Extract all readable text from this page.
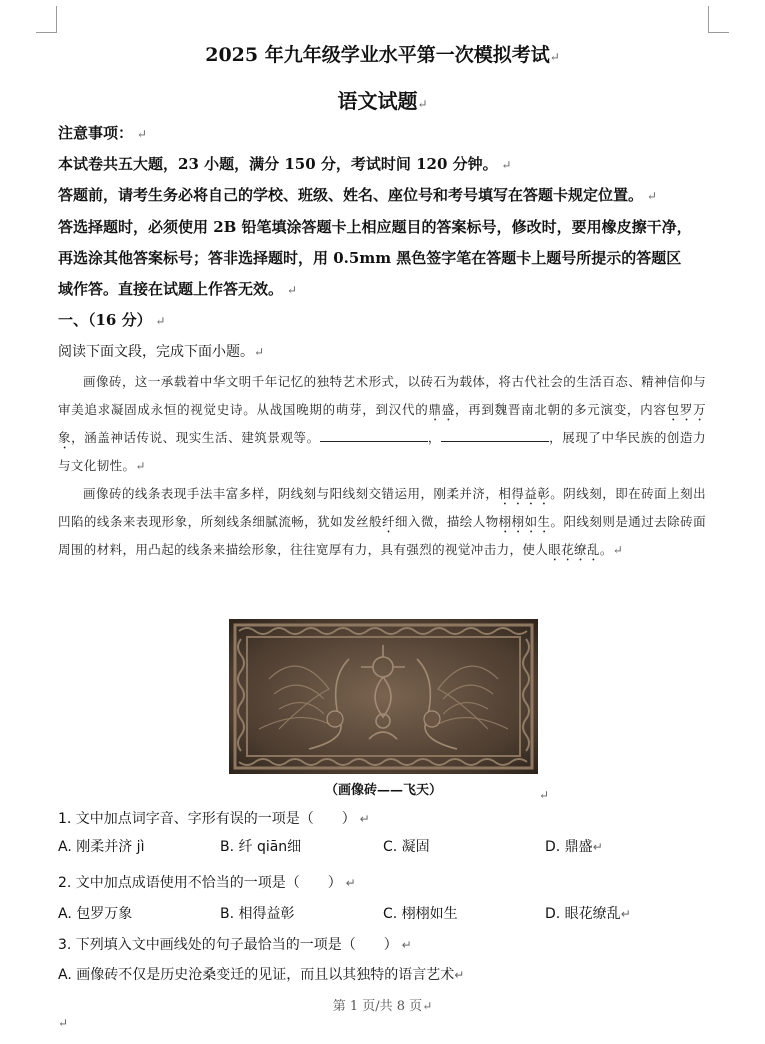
2025 年九年级学业水平第一次模拟考试↵
语文试题↵
注意事项： ↵
本试卷共五大题，23 小题，满分 150 分，考试时间 120 分钟。 ↵
答题前，请考生务必将自己的学校、班级、姓名、座位号和考号填写在答题卡规定位置。 ↵
答选择题时，必须使用 2B 铅笔填涂答题卡上相应题目的答案标号，修改时，要用橡皮擦干净，
再选涂其他答案标号；答非选择题时，用 0.5mm 黑色签字笔在答题卡上题号所提示的答题区
域作答。直接在试题上作答无效。 ↵
一、（16 分） ↵
阅读下面文段，完成下面小题。↵

画像砖，这一承载着中华文明千年记忆的独特艺术形式，以砖石为载体，将古代社会的生活百态、精神信仰与审美追求凝固成永恒的视觉史诗。从战国晚期的萌芽，到汉代的鼎盛，再到魏晋南北朝的多元演变，内容包罗万象，涵盖神话传说、现实生活、建筑景观等。	，	，展现了中华民族的创造力与文化韧性。↵

画像砖的线条表现手法丰富多样，阴线刻与阳线刻交错运用，刚柔并济，相得益彰。阴线刻，即在砖面上刻出凹陷的线条来表现形象，所刻线条细腻流畅，犹如发丝般纤细入微，描绘人物栩栩如生。阳线刻则是通过去除砖面周围的材料，用凸起的线条来描绘形象，往往宽厚有力，具有强烈的视觉冲击力，使人眼花缭乱。↵

（画像砖——飞天）	↵
1. 文中加点词字音、字形有误的一项是（　　） ↵
A. 刚柔并济 jì	B. 纤 qiān细	C. 凝固	D. 鼎盛↵
2. 文中加点成语使用不恰当的一项是（　　） ↵
A. 包罗万象	B. 相得益彰	C. 栩栩如生	D. 眼花缭乱↵
3. 下列填入文中画线处的句子最恰当的一项是（　　） ↵
A. 画像砖不仅是历史沧桑变迁的见证，而且以其独特的语言艺术↵
第 1 页/共 8 页↵
↵
